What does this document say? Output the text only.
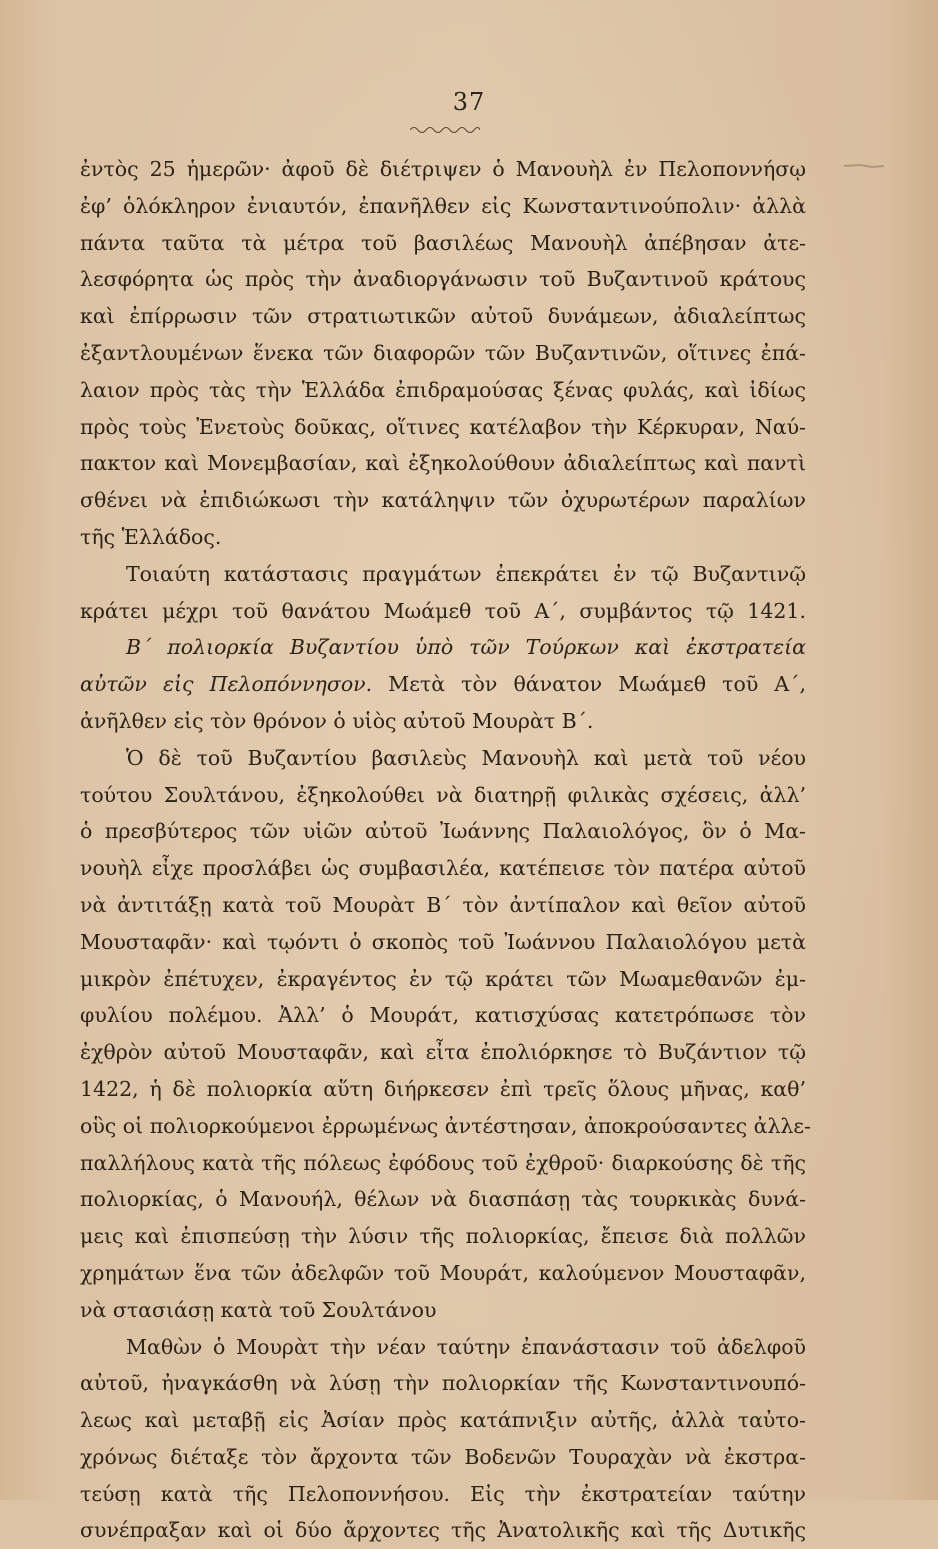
37
ἐντὸς 25 ἡμερῶν· ἀφοῦ δὲ διέτριψεν ὁ Μανουὴλ ἐν Πελοποννήσῳ
ἐφ’ ὁλόκληρον ἐνιαυτόν, ἐπανῆλθεν εἰς Κωνσταντινούπολιν· ἀλλὰ
πάντα ταῦτα τὰ μέτρα τοῦ βασιλέως Μανουὴλ ἀπέβησαν ἀτε-
λεσφόρητα ὡς πρὸς τὴν ἀναδιοργάνωσιν τοῦ Βυζαντινοῦ κράτους
καὶ ἐπίρρωσιν τῶν στρατιωτικῶν αὐτοῦ δυνάμεων, ἀδιαλείπτως
ἐξαντλουμένων ἕνεκα τῶν διαφορῶν τῶν Βυζαντινῶν, οἵτινες ἐπά-
λαιον πρὸς τὰς τὴν Ἑλλάδα ἐπιδραμούσας ξένας φυλάς, καὶ ἰδίως
πρὸς τοὺς Ἐνετοὺς δοῦκας, οἵτινες κατέλαβον τὴν Κέρκυραν, Ναύ-
πακτον καὶ Μονεμβασίαν, καὶ ἐξηκολούθουν ἀδιαλείπτως καὶ παντὶ
σθένει νὰ ἐπιδιώκωσι τὴν κατάληψιν τῶν ὀχυρωτέρων παραλίων
τῆς Ἑλλάδος.
Τοιαύτη κατάστασις πραγμάτων ἐπεκράτει ἐν τῷ Βυζαντινῷ
κράτει μέχρι τοῦ θανάτου Μωάμεθ τοῦ Α΄, συμβάντος τῷ 1421.
Β΄ πολιορκία Βυζαντίου ὑπὸ τῶν Τούρκων καὶ ἐκστρατεία
αὐτῶν εἰς Πελοπόννησον. Μετὰ τὸν θάνατον Μωάμεθ τοῦ Α΄,
ἀνῆλθεν εἰς τὸν θρόνον ὁ υἱὸς αὐτοῦ Μουρὰτ Β΄.
Ὁ δὲ τοῦ Βυζαντίου βασιλεὺς Μανουὴλ καὶ μετὰ τοῦ νέου
τούτου Σουλτάνου, ἐξηκολούθει νὰ διατηρῇ φιλικὰς σχέσεις, ἀλλ’
ὁ πρεσβύτερος τῶν υἱῶν αὐτοῦ Ἰωάννης Παλαιολόγος, ὃν ὁ Μα-
νουὴλ εἶχε προσλάβει ὡς συμβασιλέα, κατέπεισε τὸν πατέρα αὐτοῦ
νὰ ἀντιτάξῃ κατὰ τοῦ Μουρὰτ Β΄ τὸν ἀντίπαλον καὶ θεῖον αὐτοῦ
Μουσταφᾶν· καὶ τῳόντι ὁ σκοπὸς τοῦ Ἰωάννου Παλαιολόγου μετὰ
μικρὸν ἐπέτυχεν, ἐκραγέντος ἐν τῷ κράτει τῶν Μωαμεθανῶν ἐμ-
φυλίου πολέμου. Ἀλλ’ ὁ Μουράτ, κατισχύσας κατετρόπωσε τὸν
ἐχθρὸν αὐτοῦ Μουσταφᾶν, καὶ εἶτα ἐπολιόρκησε τὸ Βυζάντιον τῷ
1422, ἡ δὲ πολιορκία αὕτη διήρκεσεν ἐπὶ τρεῖς ὅλους μῆνας, καθ’
οὓς οἱ πολιορκούμενοι ἐρρωμένως ἀντέστησαν, ἀποκρούσαντες ἀλλε-
παλλήλους κατὰ τῆς πόλεως ἐφόδους τοῦ ἐχθροῦ· διαρκούσης δὲ τῆς
πολιορκίας, ὁ Μανουήλ, θέλων νὰ διασπάσῃ τὰς τουρκικὰς δυνά-
μεις καὶ ἐπισπεύσῃ τὴν λύσιν τῆς πολιορκίας, ἔπεισε διὰ πολλῶν
χρημάτων ἕνα τῶν ἀδελφῶν τοῦ Μουράτ, καλούμενον Μουσταφᾶν,
νὰ στασιάσῃ κατὰ τοῦ Σουλτάνου
Μαθὼν ὁ Μουρὰτ τὴν νέαν ταύτην ἐπανάστασιν τοῦ ἀδελφοῦ
αὐτοῦ, ἠναγκάσθη νὰ λύσῃ τὴν πολιορκίαν τῆς Κωνσταντινουπό-
λεως καὶ μεταβῇ εἰς Ἀσίαν πρὸς κατάπνιξιν αὐτῆς, ἀλλὰ ταὐτο-
χρόνως διέταξε τὸν ἄρχοντα τῶν Βοδενῶν Τουραχὰν νὰ ἐκστρα-
τεύσῃ κατὰ τῆς Πελοποννήσου. Εἰς τὴν ἐκστρατείαν ταύτην
συνέπραξαν καὶ οἱ δύο ἄρχοντες τῆς Ἀνατολικῆς καὶ τῆς Δυτικῆς
